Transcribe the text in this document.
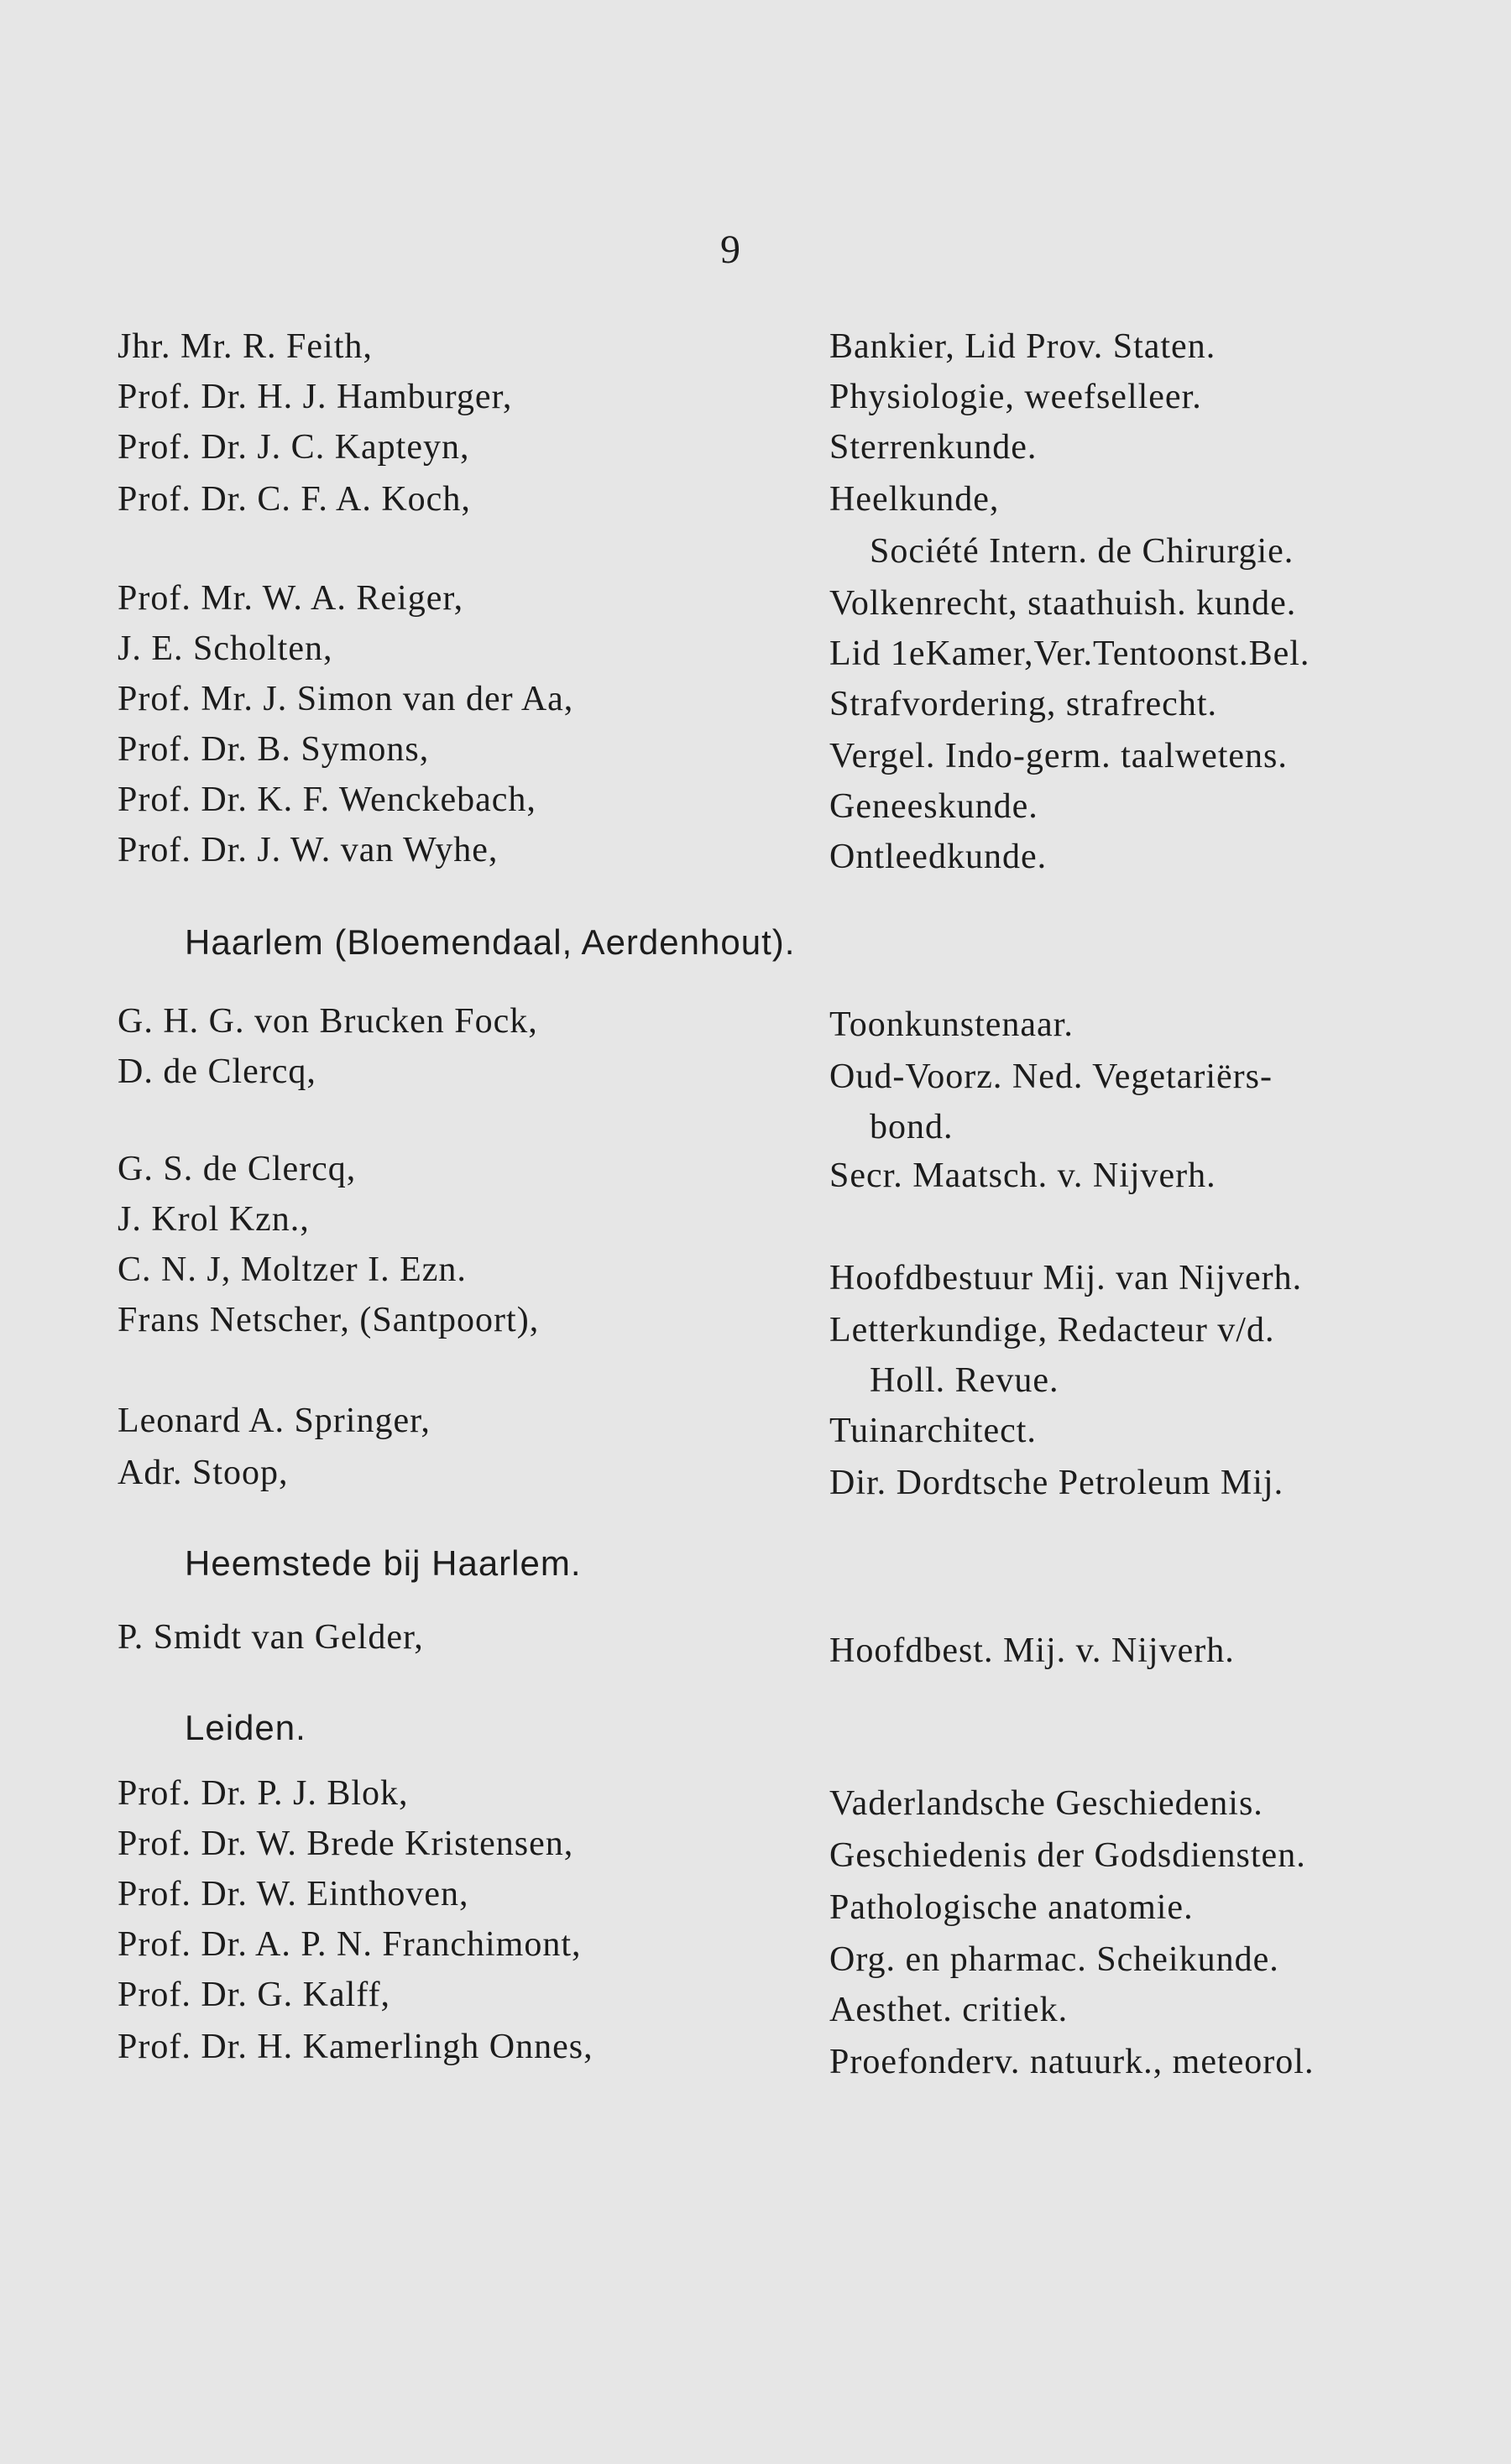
9
Jhr. Mr. R. Feith,	Bankier, Lid Prov. Staten.
Prof. Dr. H. J. Hamburger,	Physiologie, weefselleer.
Prof. Dr. J. C. Kapteyn,	Sterrenkunde.
Prof. Dr. C. F. A. Koch,	Heelkunde,
Société Intern. de Chirurgie.
Prof. Mr. W. A. Reiger,	Volkenrecht, staathuish. kunde.
J. E. Scholten,	Lid 1eKamer,Ver.Tentoonst.Bel.
Prof. Mr. J. Simon van der Aa,	Strafvordering, strafrecht.
Prof. Dr. B. Symons,	Vergel. Indo-germ. taalwetens.
Prof. Dr. K. F. Wenckebach,	Geneeskunde.
Prof. Dr. J. W. van Wyhe,	Ontleedkunde.
Haarlem (Bloemendaal, Aerdenhout).
G. H. G. von Brucken Fock,	Toonkunstenaar.
D. de Clercq,	Oud-Voorz. Ned. Vegetariërs-
bond.
G. S. de Clercq,	Secr. Maatsch. v. Nijverh.
J. Krol Kzn.,
C. N. J, Moltzer I. Ezn.	Hoofdbestuur Mij. van Nijverh.
Frans Netscher, (Santpoort),	Letterkundige, Redacteur v/d.
Holl. Revue.
Leonard A. Springer,	Tuinarchitect.
Adr. Stoop,	Dir. Dordtsche Petroleum Mij.
Heemstede bij Haarlem.
P. Smidt van Gelder,	Hoofdbest. Mij. v. Nijverh.
Leiden.
Prof. Dr. P. J. Blok,	Vaderlandsche Geschiedenis.
Prof. Dr. W. Brede Kristensen,	Geschiedenis der Godsdiensten.
Prof. Dr. W. Einthoven,	Pathologische anatomie.
Prof. Dr. A. P. N. Franchimont,	Org. en pharmac. Scheikunde.
Prof. Dr. G. Kalff,	Aesthet. critiek.
Prof. Dr. H. Kamerlingh Onnes,	Proefonderv. natuurk., meteorol.
